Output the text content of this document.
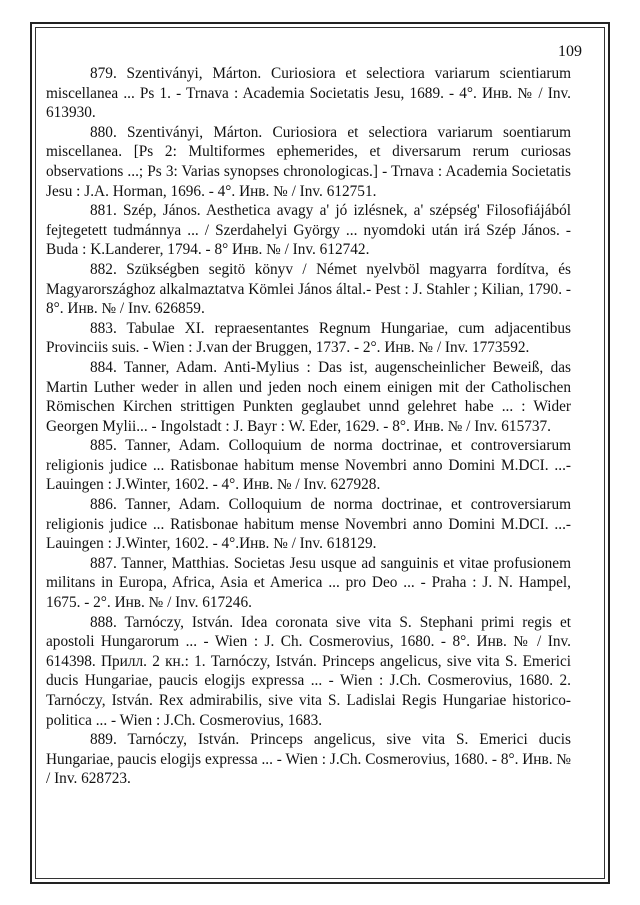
109

879. Szentiványi, Márton. Curiosiora et selectiora variarum scientiarum miscellanea ... Ps 1. - Trnava : Academia Societatis Jesu, 1689. - 4°. Инв. № / Inv. 613930.

880. Szentiványi, Márton. Curiosiora et selectiora variarum soentiarum miscellanea. [Ps 2: Multiformes ephemerides, et diversarum rerum curiosas observations ...; Ps 3: Varias synopses chronologicas.] - Trnava : Academia Societatis Jesu : J.A. Horman, 1696. - 4°. Инв. № / Inv. 612751.

881. Szép, János. Aesthetica avagy a' jó izlésnek, a' szépség' Filosofiájából fejtegetett tudmánnya ... / Szerdahelyi György ... nyomdoki után irá Szép János. - Buda : K.Landerer, 1794. - 8° Инв. № / Inv. 612742.

882. Szükségben segitö könyv / Német nyelvböl magyarra fordítva, és Magyarországhoz alkalmaztatva Kömlei János által.- Pest : J. Stahler ; Kilian, 1790. - 8°. Инв. № / Inv. 626859.

883. Tabulae XI. repraesentantes Regnum Hungariae, cum adjacentibus Provinciis suis. - Wien : J.van der Bruggen, 1737. - 2°. Инв. № / Inv. 1773592.

884. Tanner, Adam. Anti-Mylius : Das ist, augenscheinlicher Beweiß, das Martin Luther weder in allen und jeden noch einem einigen mit der Catholischen Römischen Kirchen strittigen Punkten geglaubet unnd gelehret habe ... : Wider Georgen Mylii... - Ingolstadt : J. Bayr : W. Eder, 1629. - 8°. Инв. № / Inv. 615737.

885. Tanner, Adam. Colloquium de norma doctrinae, et controversiarum religionis judice ... Ratisbonae habitum mense Novembri anno Domini M.DCI. ...- Lauingen : J.Winter, 1602. - 4°. Инв. № / Inv. 627928.

886. Tanner, Adam. Colloquium de norma doctrinae, et controversiarum religionis judice ... Ratisbonae habitum mense Novembri anno Domini M.DCI. ...- Lauingen : J.Winter, 1602. - 4°.Инв. № / Inv. 618129.

887. Tanner, Matthias. Societas Jesu usque ad sanguinis et vitae profusionem militans in Europa, Africa, Asia et America ... pro Deo ... - Praha : J. N. Hampel, 1675. - 2°. Инв. № / Inv. 617246.

888. Tarnóczy, István. Idea coronata sive vita S. Stephani primi regis et apostoli Hungarorum ... - Wien : J. Ch. Cosmerovius, 1680. - 8°. Инв. № / Inv. 614398. Прилл. 2 кн.: 1. Tarnóczy, István. Princeps angelicus, sive vita S. Emerici ducis Hungariae, paucis elogijs expressa ... - Wien : J.Ch. Cosmerovius, 1680. 2. Tarnóczy, István. Rex admirabilis, sive vita S. Ladislai Regis Hungariae historico-politica ... - Wien : J.Ch. Cosmerovius, 1683.

889. Tarnóczy, István. Princeps angelicus, sive vita S. Emerici ducis Hungariae, paucis elogijs expressa ... - Wien : J.Ch. Cosmerovius, 1680. - 8°. Инв. № / Inv. 628723.
